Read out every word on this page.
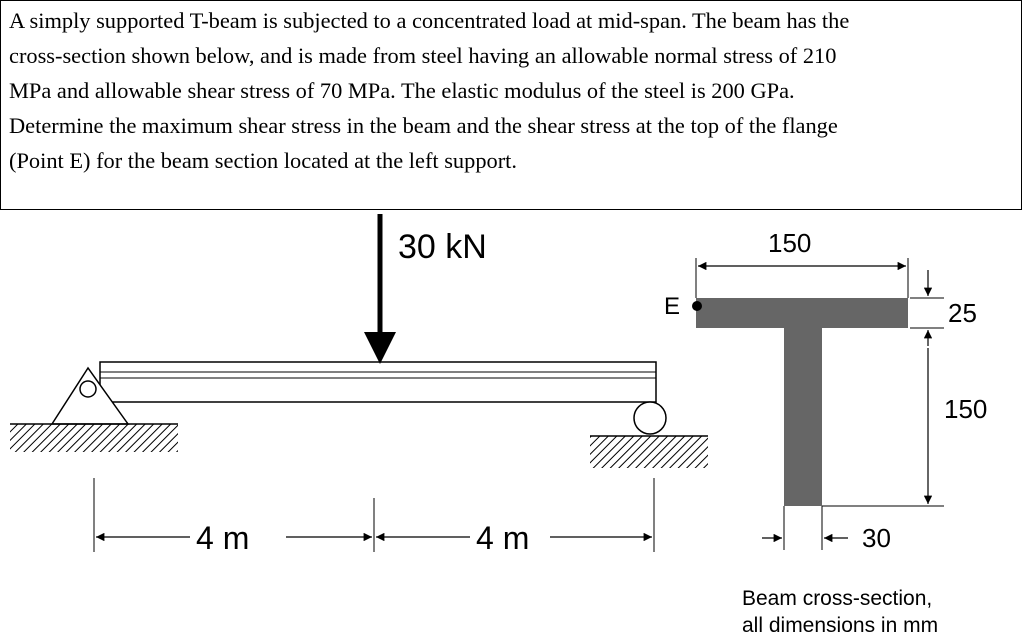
A simply supported T-beam is subjected to a concentrated load at mid-span. The beam has the

cross-section shown below, and is made from steel having an allowable normal stress of 210

MPa and allowable shear stress of 70 MPa. The elastic modulus of the steel is 200 GPa.

Determine the maximum shear stress in the beam and the shear stress at the top of the flange

(Point E) for the beam section located at the left support.

30 kN
4 m	4 m
E
150
25
150
30
Beam cross-section,
all dimensions in mm
